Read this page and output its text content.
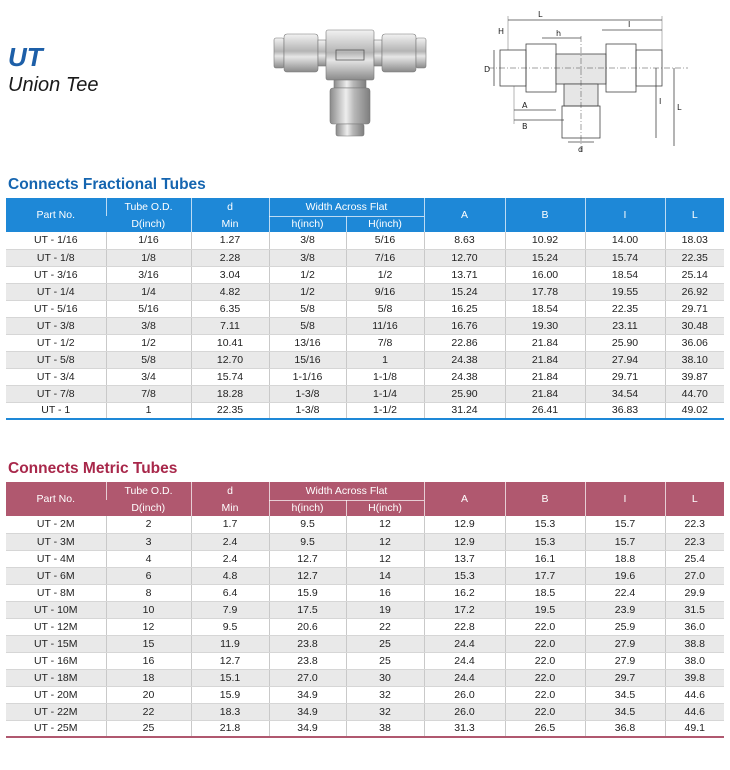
UT
Union Tee
L
I
H	h
D
A
B
I
L
d
Connects Fractional Tubes
Part No.	Tube O.D.	d	Width Across Flat		A	B	I	L
	D(inch)	Min	h(inch)	H(inch)				
UT - 1/16	1/16	1.27	3/8	5/16	8.63	10.92	14.00	18.03
UT - 1/8	1/8	2.28	3/8	7/16	12.70	15.24	15.74	22.35
UT - 3/16	3/16	3.04	1/2	1/2	13.71	16.00	18.54	25.14
UT - 1/4	1/4	4.82	1/2	9/16	15.24	17.78	19.55	26.92
UT - 5/16	5/16	6.35	5/8	5/8	16.25	18.54	22.35	29.71
UT - 3/8	3/8	7.11	5/8	11/16	16.76	19.30	23.11	30.48
UT - 1/2	1/2	10.41	13/16	7/8	22.86	21.84	25.90	36.06
UT - 5/8	5/8	12.70	15/16	1	24.38	21.84	27.94	38.10
UT - 3/4	3/4	15.74	1-1/16	1-1/8	24.38	21.84	29.71	39.87
UT - 7/8	7/8	18.28	1-3/8	1-1/4	25.90	21.84	34.54	44.70
UT - 1	1	22.35	1-3/8	1-1/2	31.24	26.41	36.83	49.02
Connects Metric Tubes
Part No.	Tube O.D.	d	Width Across Flat		A	B	I	L
	D(inch)	Min	h(inch)	H(inch)				
UT - 2M	2	1.7	9.5	12	12.9	15.3	15.7	22.3
UT - 3M	3	2.4	9.5	12	12.9	15.3	15.7	22.3
UT - 4M	4	2.4	12.7	12	13.7	16.1	18.8	25.4
UT - 6M	6	4.8	12.7	14	15.3	17.7	19.6	27.0
UT - 8M	8	6.4	15.9	16	16.2	18.5	22.4	29.9
UT - 10M	10	7.9	17.5	19	17.2	19.5	23.9	31.5
UT - 12M	12	9.5	20.6	22	22.8	22.0	25.9	36.0
UT - 15M	15	11.9	23.8	25	24.4	22.0	27.9	38.8
UT - 16M	16	12.7	23.8	25	24.4	22.0	27.9	38.0
UT - 18M	18	15.1	27.0	30	24.4	22.0	29.7	39.8
UT - 20M	20	15.9	34.9	32	26.0	22.0	34.5	44.6
UT - 22M	22	18.3	34.9	32	26.0	22.0	34.5	44.6
UT - 25M	25	21.8	34.9	38	31.3	26.5	36.8	49.1
